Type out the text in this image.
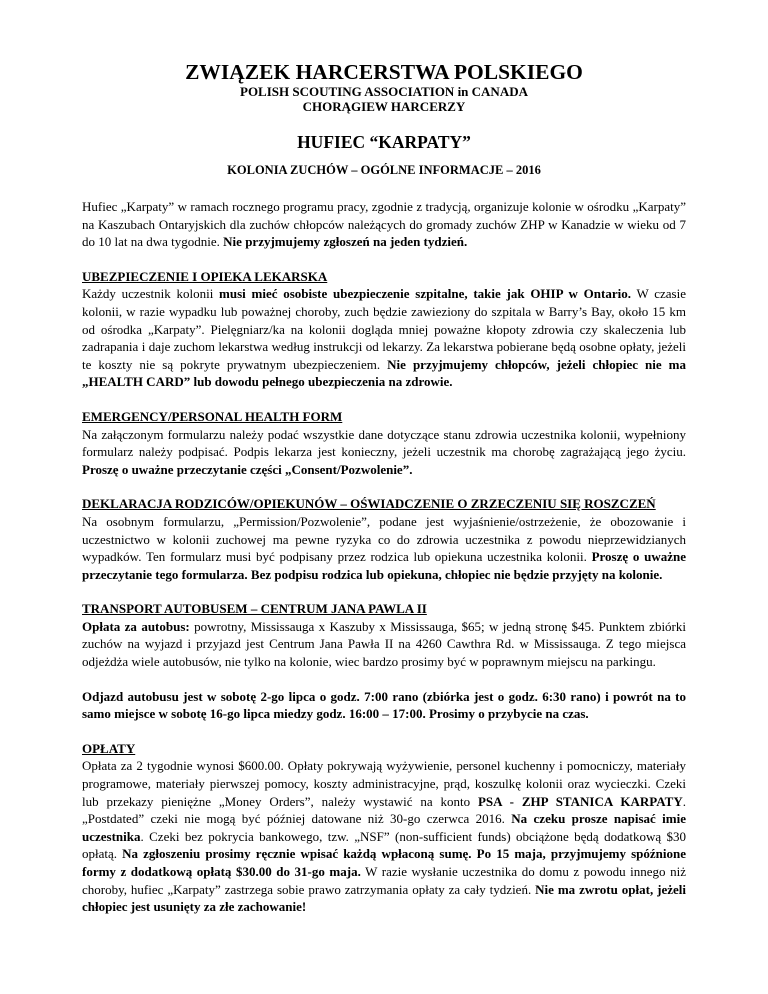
ZWIĄZEK HARCERSTWA POLSKIEGO
POLISH SCOUTING ASSOCIATION in CANADA
CHORĄGIEW HARCERZY
HUFIEC “KARPATY”
KOLONIA ZUCHÓW – OGÓLNE INFORMACJE – 2016

Hufiec „Karpaty” w ramach rocznego programu pracy, zgodnie z tradycją, organizuje kolonie w ośrodku „Karpaty” na Kaszubach Ontaryjskich dla zuchów chłopców należących do gromady zuchów ZHP w Kanadzie w wieku od 7 do 10 lat na dwa tygodnie. Nie przyjmujemy zgłoszeń na jeden tydzień.

UBEZPIECZENIE I OPIEKA LEKARSKA

Każdy uczestnik kolonii musi mieć osobiste ubezpieczenie szpitalne, takie jak OHIP w Ontario. W czasie kolonii, w razie wypadku lub poważnej choroby, zuch będzie zawieziony do szpitala w Barry’s Bay, około 15 km od ośrodka „Karpaty”. Pielęgniarz/ka na kolonii dogląda mniej poważne kłopoty zdrowia czy skaleczenia lub zadrapania i daje zuchom lekarstwa według instrukcji od lekarzy. Za lekarstwa pobierane będą osobne opłaty, jeżeli te koszty nie są pokryte prywatnym ubezpieczeniem. Nie przyjmujemy chłopców, jeżeli chłopiec nie ma „HEALTH CARD” lub dowodu pełnego ubezpieczenia na zdrowie.

EMERGENCY/PERSONAL HEALTH FORM

Na załączonym formularzu należy podać wszystkie dane dotyczące stanu zdrowia uczestnika kolonii, wypełniony formularz należy podpisać. Podpis lekarza jest konieczny, jeżeli uczestnik ma chorobę zagrażającą jego życiu. Proszę o uważne przeczytanie części „Consent/Pozwolenie”.

DEKLARACJA RODZICÓW/OPIEKUNÓW – OŚWIADCZENIE O ZRZECZENIU SIĘ ROSZCZEŃ

Na osobnym formularzu, „Permission/Pozwolenie”, podane jest wyjaśnienie/ostrzeżenie, że obozowanie i uczestnictwo w kolonii zuchowej ma pewne ryzyka co do zdrowia uczestnika z powodu nieprzewidzianych wypadków. Ten formularz musi być podpisany przez rodzica lub opiekuna uczestnika kolonii. Proszę o uważne przeczytanie tego formularza. Bez podpisu rodzica lub opiekuna, chłopiec nie będzie przyjęty na kolonie.

TRANSPORT AUTOBUSEM – CENTRUM JANA PAWLA II

Opłata za autobus: powrotny, Mississauga x Kaszuby x Mississauga, $65; w jedną stronę $45. Punktem zbiórki zuchów na wyjazd i przyjazd jest Centrum Jana Pawła II na 4260 Cawthra Rd. w Mississauga. Z tego miejsca odjeżdża wiele autobusów, nie tylko na kolonie, wiec bardzo prosimy być w poprawnym miejscu na parkingu.

Odjazd autobusu jest w sobotę 2-go lipca o godz. 7:00 rano (zbiórka jest o godz. 6:30 rano) i powrót na to samo miejsce w sobotę 16-go lipca miedzy godz. 16:00 – 17:00. Prosimy o przybycie na czas.

OPŁATY

Opłata za 2 tygodnie wynosi $600.00. Opłaty pokrywają wyżywienie, personel kuchenny i pomocniczy, materiały programowe, materiały pierwszej pomocy, koszty administracyjne, prąd, koszulkę kolonii oraz wycieczki. Czeki lub przekazy pieniężne „Money Orders”, należy wystawić na konto PSA - ZHP STANICA KARPATY. „Postdated” czeki nie mogą być później datowane niż 30-go czerwca 2016. Na czeku prosze napisać imie uczestnika. Czeki bez pokrycia bankowego, tzw. „NSF” (non-sufficient funds) obciążone będą dodatkową $30 opłatą. Na zgłoszeniu prosimy ręcznie wpisać każdą wpłaconą sumę. Po 15 maja, przyjmujemy spóźnione formy z dodatkową opłatą $30.00 do 31-go maja. W razie wysłanie uczestnika do domu z powodu innego niż choroby, hufiec „Karpaty” zastrzega sobie prawo zatrzymania opłaty za cały tydzień. Nie ma zwrotu opłat, jeżeli chłopiec jest usunięty za złe zachowanie!
